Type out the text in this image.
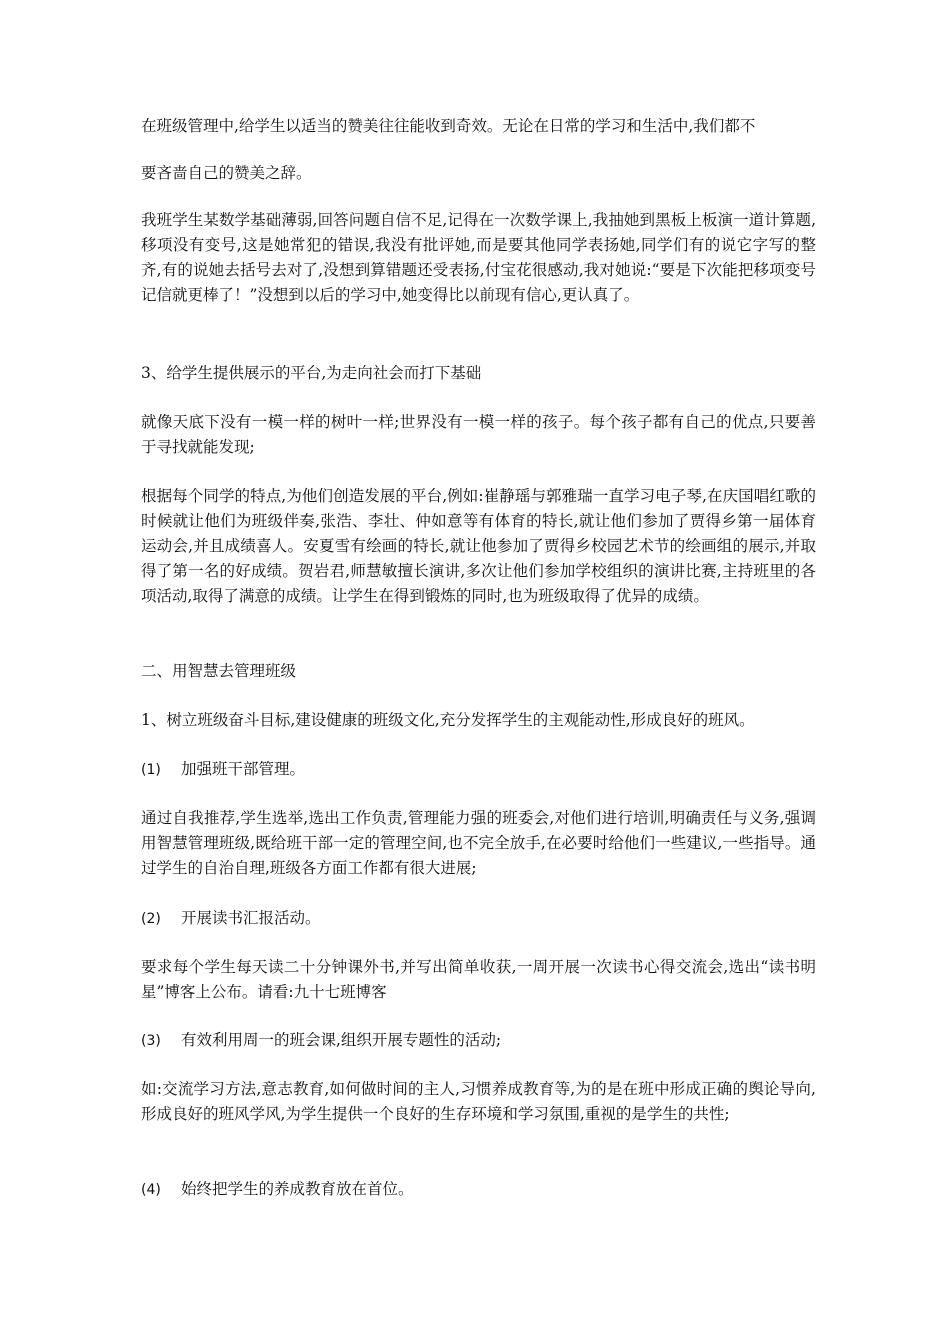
在班级管理中,给学生以适当的赞美往往能收到奇效。无论在日常的学习和生活中,我们都不

要吝啬自己的赞美之辞。

我班学生某数学基础薄弱,回答问题自信不足,记得在一次数学课上,我抽她到黑板上板演一道计算题,移项没有变号,这是她常犯的错误,我没有批评她,而是要其他同学表扬她,同学们有的说它字写的整齐,有的说她去括号去对了,没想到算错题还受表扬,付宝花很感动,我对她说:“要是下次能把移项变号记信就更棒了！”没想到以后的学习中,她变得比以前现有信心,更认真了。

3、给学生提供展示的平台,为走向社会而打下基础

就像天底下没有一模一样的树叶一样;世界没有一模一样的孩子。每个孩子都有自己的优点,只要善于寻找就能发现;

根据每个同学的特点,为他们创造发展的平台,例如:崔静瑶与郭雅瑞一直学习电子琴,在庆国唱红歌的时候就让他们为班级伴奏,张浩、李壮、仲如意等有体育的特长,就让他们参加了贾得乡第一届体育运动会,并且成绩喜人。安夏雪有绘画的特长,就让他参加了贾得乡校园艺术节的绘画组的展示,并取得了第一名的好成绩。贺岩君,师慧敏擅长演讲,多次让他们参加学校组织的演讲比赛,主持班里的各项活动,取得了满意的成绩。让学生在得到锻炼的同时,也为班级取得了优异的成绩。

二、用智慧去管理班级

1、树立班级奋斗目标,建设健康的班级文化,充分发挥学生的主观能动性,形成良好的班风。

(1) 加强班干部管理。

通过自我推荐,学生选举,选出工作负责,管理能力强的班委会,对他们进行培训,明确责任与义务,强调用智慧管理班级,既给班干部一定的管理空间,也不完全放手,在必要时给他们一些建议,一些指导。通过学生的自治自理,班级各方面工作都有很大进展;

(2) 开展读书汇报活动。

要求每个学生每天读二十分钟课外书,并写出简单收获,一周开展一次读书心得交流会,选出“读书明星”博客上公布。请看:九十七班博客

(3) 有效利用周一的班会课,组织开展专题性的活动;

如:交流学习方法,意志教育,如何做时间的主人,习惯养成教育等,为的是在班中形成正确的舆论导向,形成良好的班风学风,为学生提供一个良好的生存环境和学习氛围,重视的是学生的共性;

(4) 始终把学生的养成教育放在首位。
